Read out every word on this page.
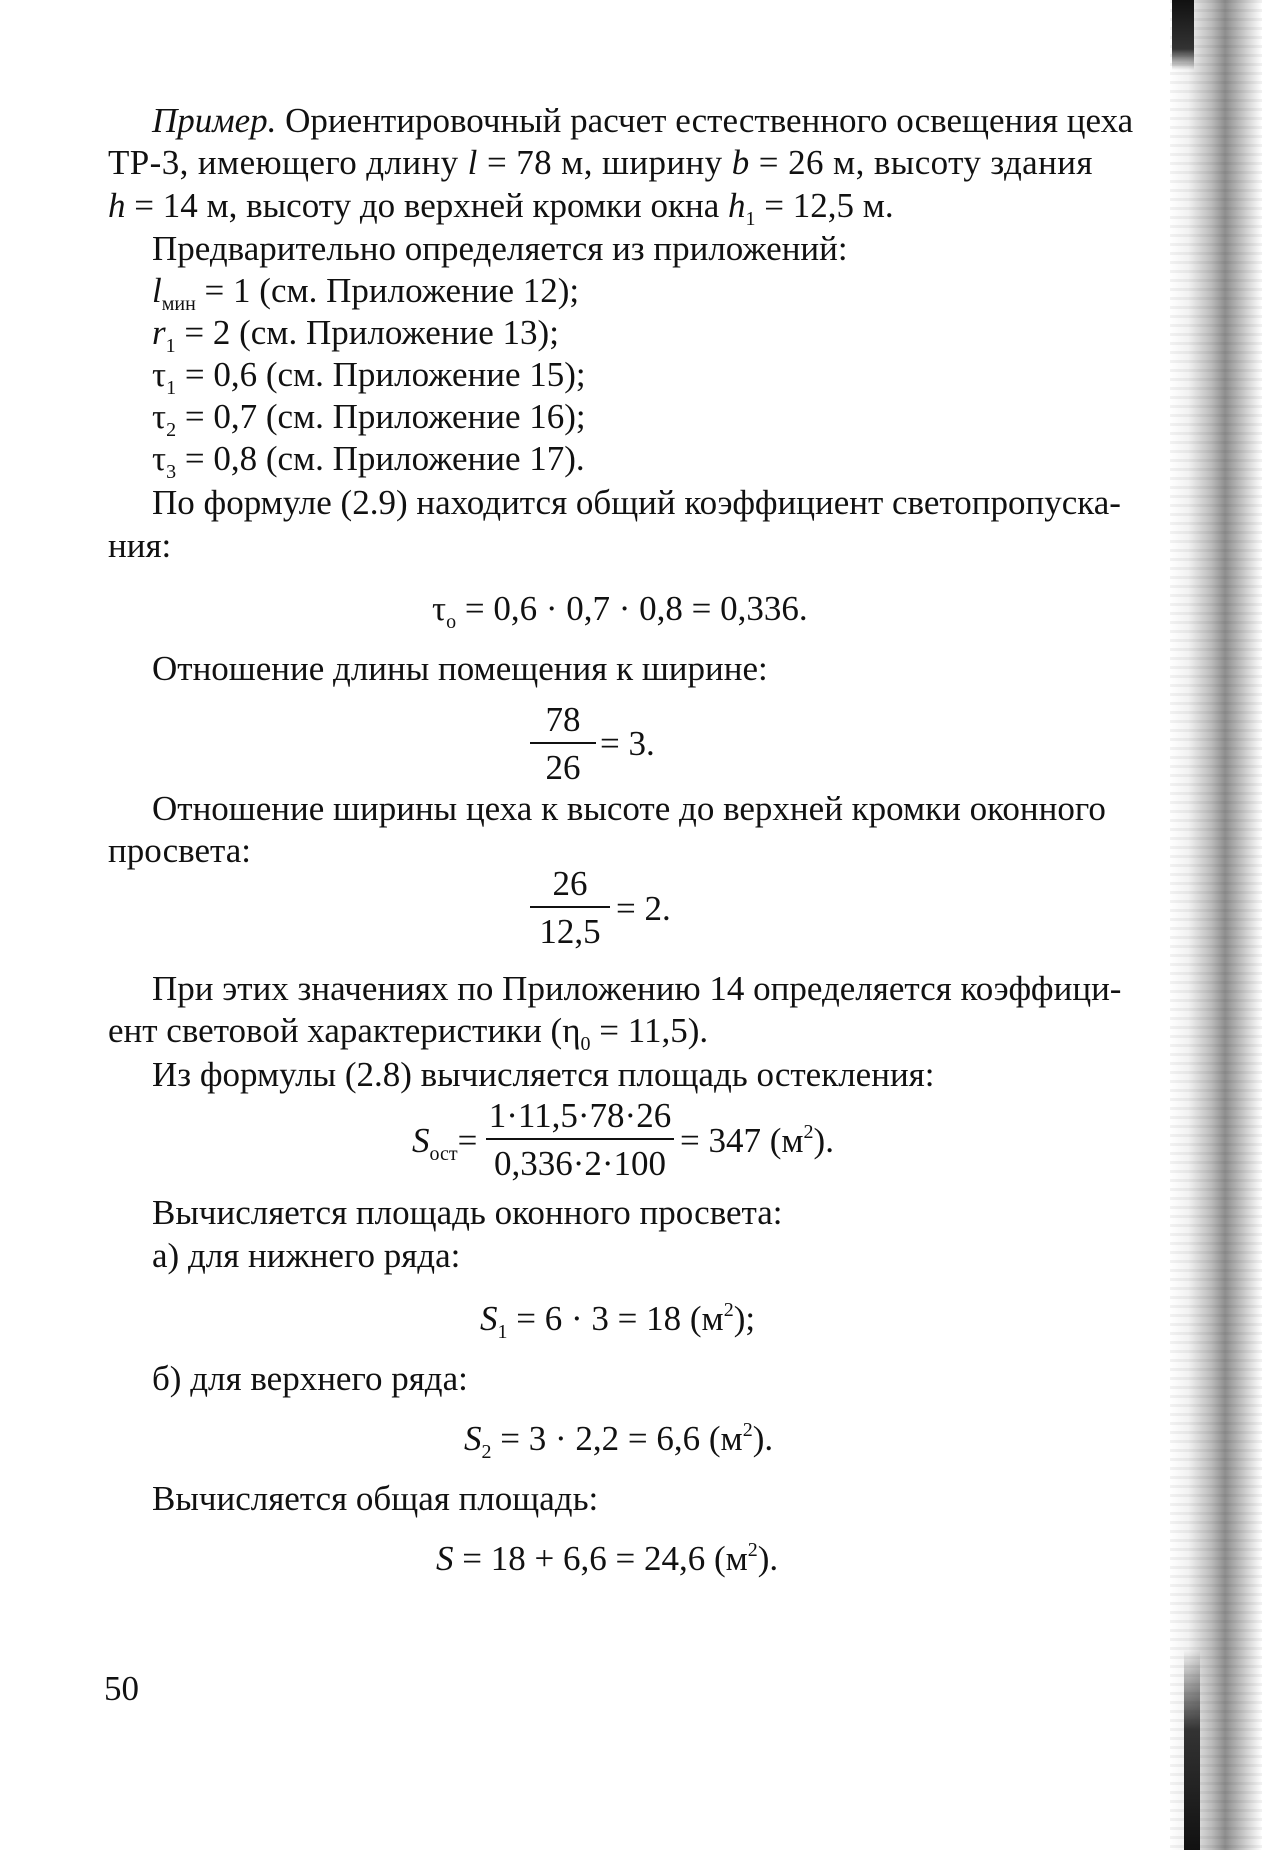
Пример. Ориентировочный расчет естественного освещения цеха
ТР-3, имеющего длину l = 78 м, ширину b = 26 м, высоту здания
h = 14 м, высоту до верхней кромки окна $h_1 = 12,5$ м.
Предварительно определяется из приложений:
$l_{мин} = 1$ (см. Приложение 12);
$r_1 = 2$ (см. Приложение 13);
$\tau_1 = 0,6$ (см. Приложение 15);
$\tau_2 = 0,7$ (см. Приложение 16);
$\tau_3 = 0,8$ (см. Приложение 17).
По формуле (2.9) находится общий коэффициент светопропуска-
ния:
$\tau_о = 0,6 \cdot 0,7 \cdot 0,8 = 0,336$.
Отношение длины помещения к ширине:
$\frac{78}{26} = 3$.
Отношение ширины цеха к высоте до верхней кромки оконного
просвета:
$\frac{26}{12,5} = 2$.
При этих значениях по Приложению 14 определяется коэффици-
ент световой характеристики $(\eta_0 = 11,5)$.
Из формулы (2.8) вычисляется площадь остекления:
$S_{ост}= \frac{1\cdot 11,5\cdot 78\cdot 26}{0,336\cdot 2\cdot 100} = 347$ $(м^2)$.
Вычисляется площадь оконного просвета:
а) для нижнего ряда:
$S_1 = 6 \cdot 3 = 18$ $(м^2)$;
б) для верхнего ряда:
$S_2 = 3 \cdot 2,2 = 6,6$ $(м^2)$.
Вычисляется общая площадь:
S = 18 + 6,6 = 24,6 $(м^2)$.
50
